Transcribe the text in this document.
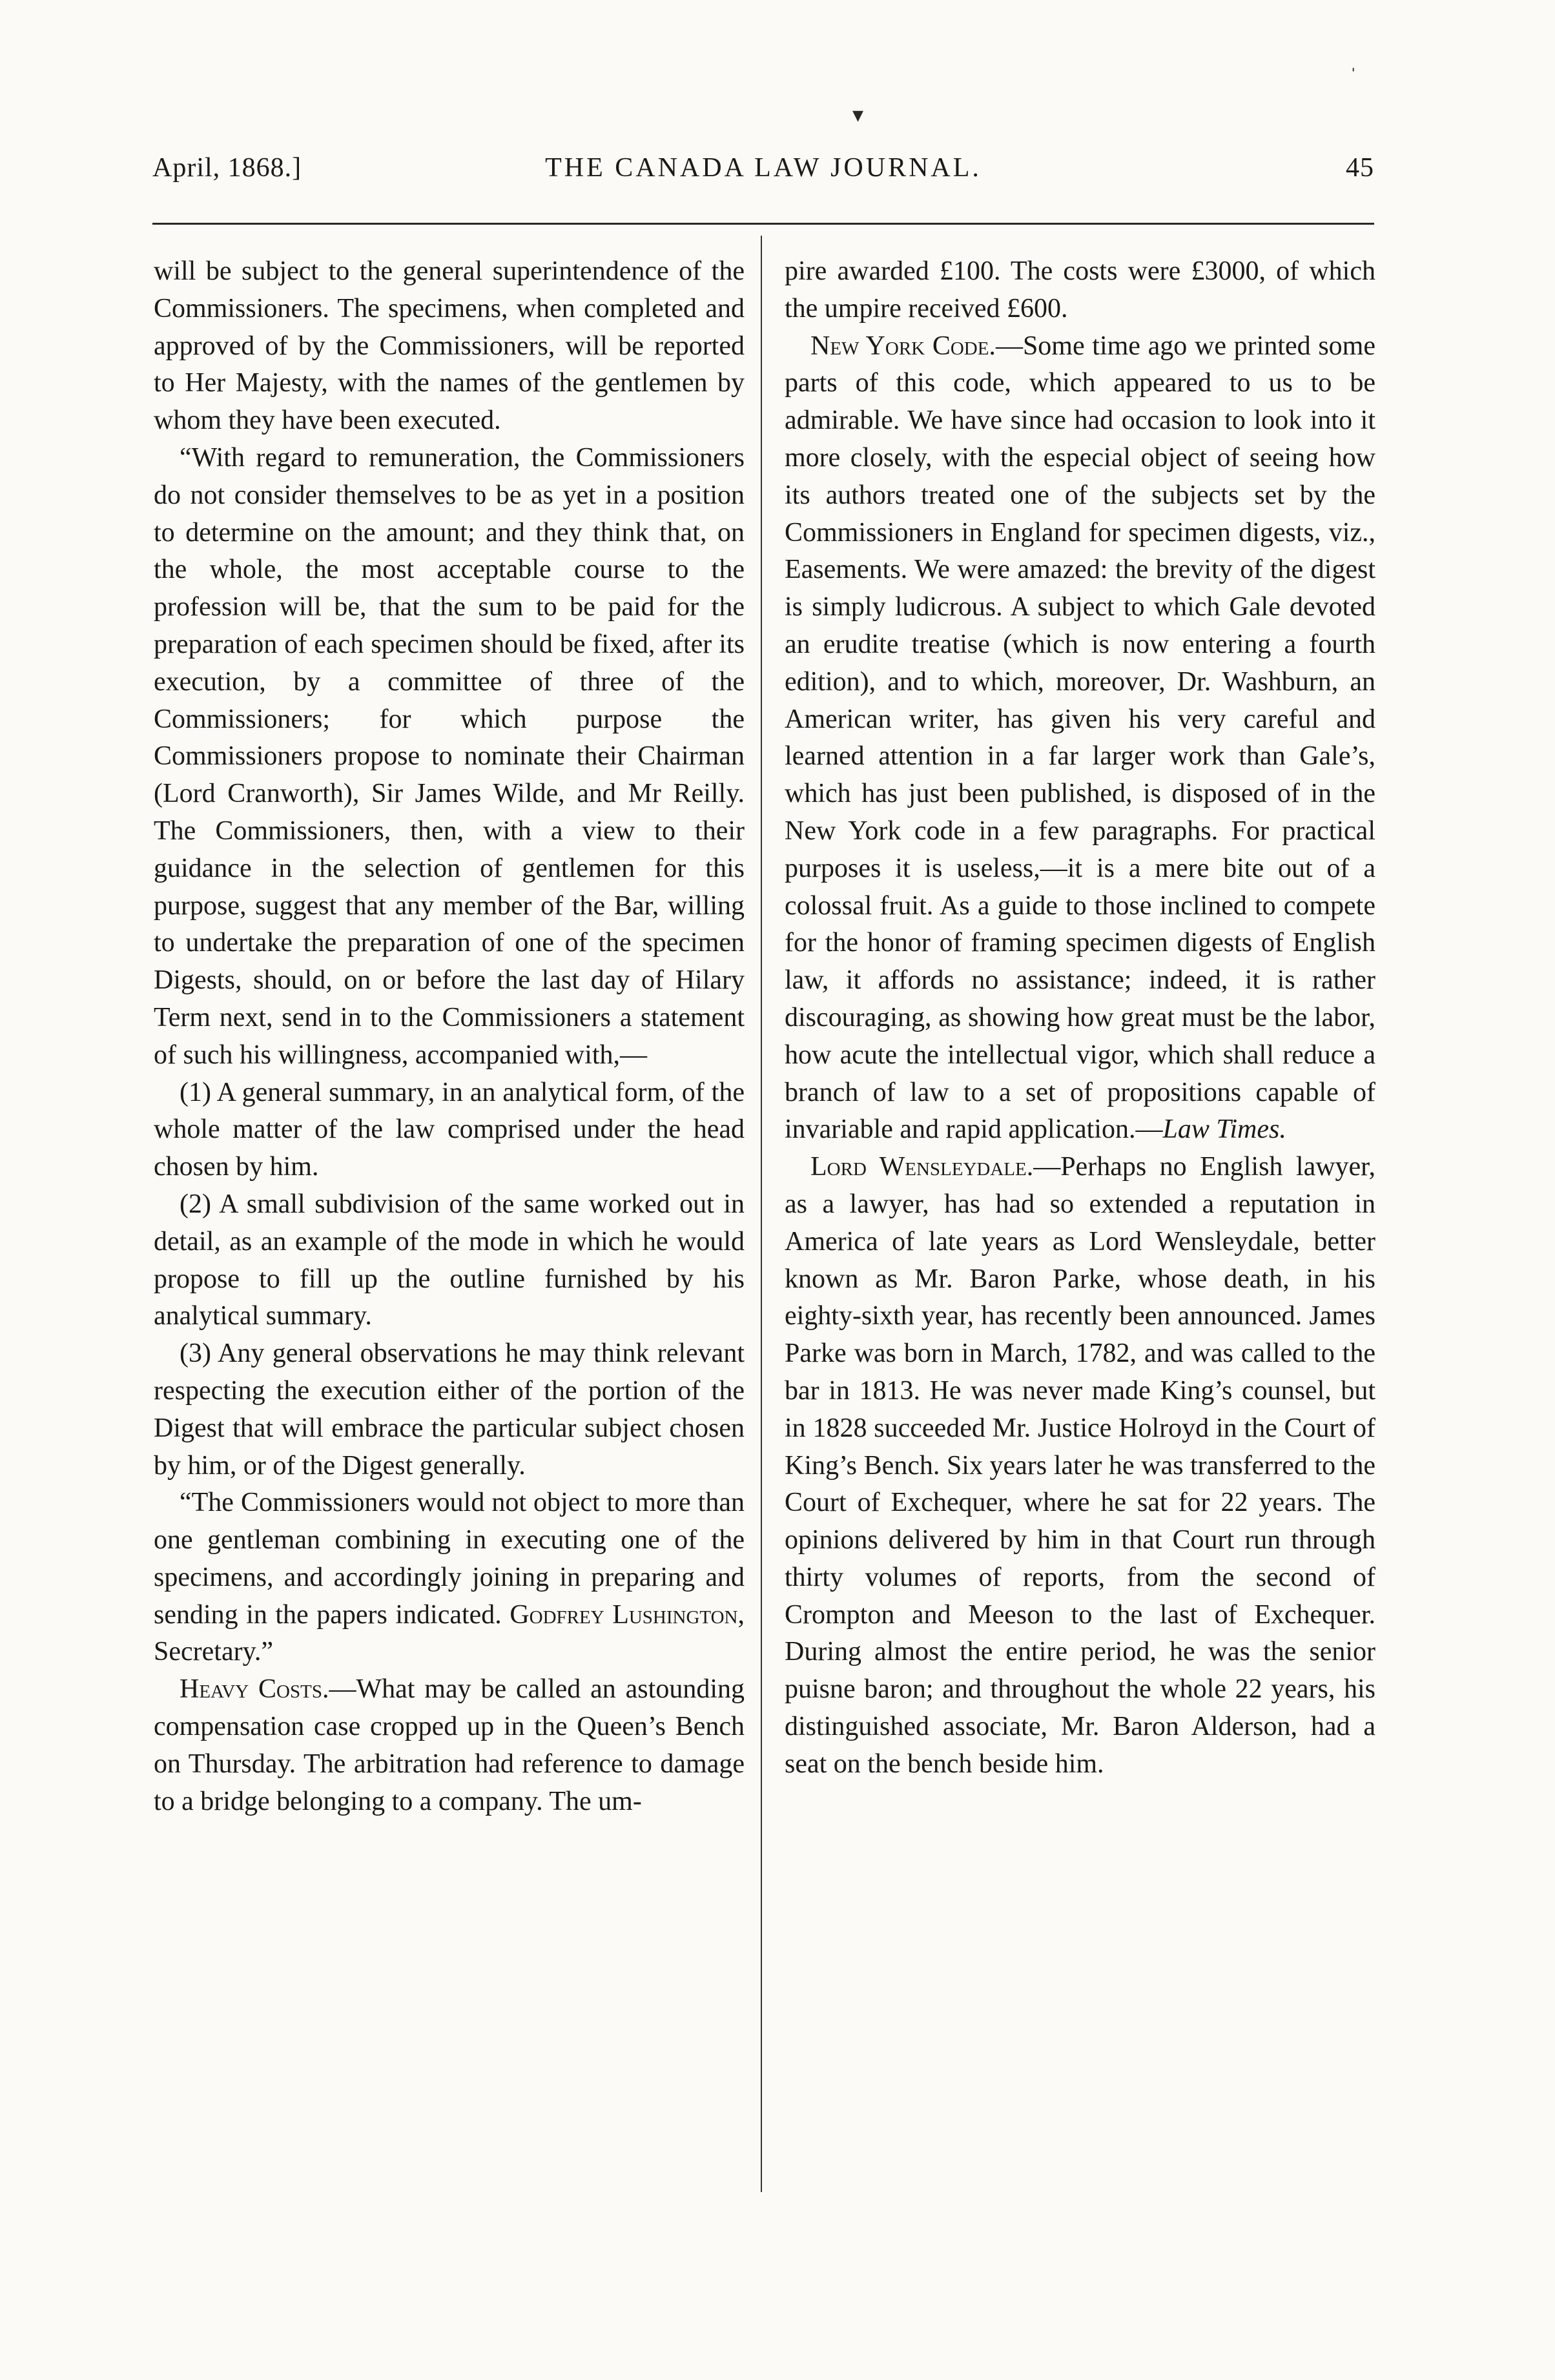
▾
ˈ
April, 1868.]	THE CANADA LAW JOURNAL.	45

will be subject to the general superintendence of the Commissioners. The specimens, when completed and approved of by the Commissioners, will be reported to Her Majesty, with the names of the gentlemen by whom they have been executed.

“With regard to remuneration, the Commissioners do not consider themselves to be as yet in a position to determine on the amount; and they think that, on the whole, the most acceptable course to the profession will be, that the sum to be paid for the preparation of each specimen should be fixed, after its execution, by a committee of three of the Commissioners; for which purpose the Commissioners propose to nominate their Chairman (Lord Cranworth), Sir James Wilde, and Mr Reilly. The Commissioners, then, with a view to their guidance in the selection of gentlemen for this purpose, suggest that any member of the Bar, willing to undertake the preparation of one of the specimen Digests, should, on or before the last day of Hilary Term next, send in to the Commissioners a statement of such his willingness, accompanied with,—

(1) A general summary, in an analytical form, of the whole matter of the law comprised under the head chosen by him.

(2) A small subdivision of the same worked out in detail, as an example of the mode in which he would propose to fill up the outline furnished by his analytical summary.

(3) Any general observations he may think relevant respecting the execution either of the portion of the Digest that will embrace the particular subject chosen by him, or of the Digest generally.

“The Commissioners would not object to more than one gentleman combining in executing one of the specimens, and accordingly joining in preparing and sending in the papers indicated. Godfrey Lushington, Secretary.”

Heavy Costs.—What may be called an astounding compensation case cropped up in the Queen’s Bench on Thursday. The arbitration had reference to damage to a bridge belonging to a company. The um-

pire awarded £100. The costs were £3000, of which the umpire received £600.

New York Code.—Some time ago we printed some parts of this code, which appeared to us to be admirable. We have since had occasion to look into it more closely, with the especial object of seeing how its authors treated one of the subjects set by the Commissioners in England for specimen digests, viz., Easements. We were amazed: the brevity of the digest is simply ludicrous. A subject to which Gale devoted an erudite treatise (which is now entering a fourth edition), and to which, moreover, Dr. Washburn, an American writer, has given his very careful and learned attention in a far larger work than Gale’s, which has just been published, is disposed of in the New York code in a few paragraphs. For practical purposes it is useless,—it is a mere bite out of a colossal fruit. As a guide to those inclined to compete for the honor of framing specimen digests of English law, it affords no assistance; indeed, it is rather discouraging, as showing how great must be the labor, how acute the intellectual vigor, which shall reduce a branch of law to a set of propositions capable of invariable and rapid application.—Law Times.

Lord Wensleydale.—Perhaps no English lawyer, as a lawyer, has had so extended a reputation in America of late years as Lord Wensleydale, better known as Mr. Baron Parke, whose death, in his eighty-sixth year, has recently been announced. James Parke was born in March, 1782, and was called to the bar in 1813. He was never made King’s counsel, but in 1828 succeeded Mr. Justice Holroyd in the Court of King’s Bench. Six years later he was transferred to the Court of Exchequer, where he sat for 22 years. The opinions delivered by him in that Court run through thirty volumes of reports, from the second of Crompton and Meeson to the last of Exchequer. During almost the entire period, he was the senior puisne baron; and throughout the whole 22 years, his distinguished associate, Mr. Baron Alderson, had a seat on the bench beside him.
